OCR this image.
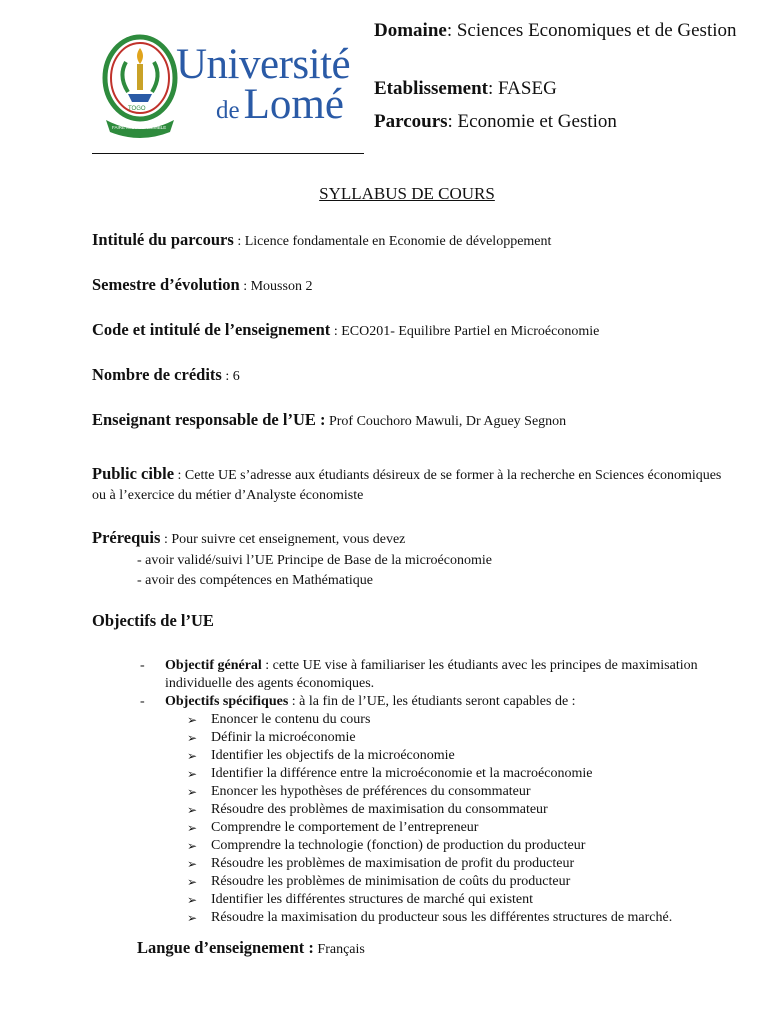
TOGO
FAIRE MIEUX ENSEMBLE
Université
deLomé
Domaine: Sciences Economiques et de Gestion
Etablissement: FASEG
Parcours: Economie et Gestion
SYLLABUS DE COURS
Intitulé du parcours : Licence fondamentale en Economie de développement
Semestre d’évolution : Mousson 2
Code et intitulé de l’enseignement : ECO201- Equilibre Partiel en Microéconomie
Nombre de crédits : 6
Enseignant responsable de l’UE : Prof Couchoro Mawuli, Dr Aguey Segnon
Public cible : Cette UE s’adresse aux étudiants désireux de se former à la recherche en Sciences économiques ou à l’exercice du métier d’Analyste économiste
Prérequis : Pour suivre cet enseignement, vous devez
- avoir validé/suivi l’UE Principe de Base de la microéconomie
- avoir des compétences en Mathématique
Objectifs de l’UE
- Objectif général : cette UE vise à familiariser les étudiants avec les principes de maximisation individuelle des agents économiques.
- Objectifs spécifiques : à la fin de l’UE, les étudiants seront capables de :
➢ Enoncer le contenu du cours
➢ Définir la microéconomie
➢ Identifier les objectifs de la microéconomie
➢ Identifier la différence entre la microéconomie et la macroéconomie
➢ Enoncer les hypothèses de préférences du consommateur
➢ Résoudre des problèmes de maximisation du consommateur
➢ Comprendre le comportement de l’entrepreneur
➢ Comprendre la technologie (fonction) de production du producteur
➢ Résoudre les problèmes de maximisation de profit du producteur
➢ Résoudre les problèmes de minimisation de coûts du producteur
➢ Identifier les différentes structures de marché qui existent
➢ Résoudre la maximisation du producteur sous les différentes structures de marché.
Langue d’enseignement : Français
